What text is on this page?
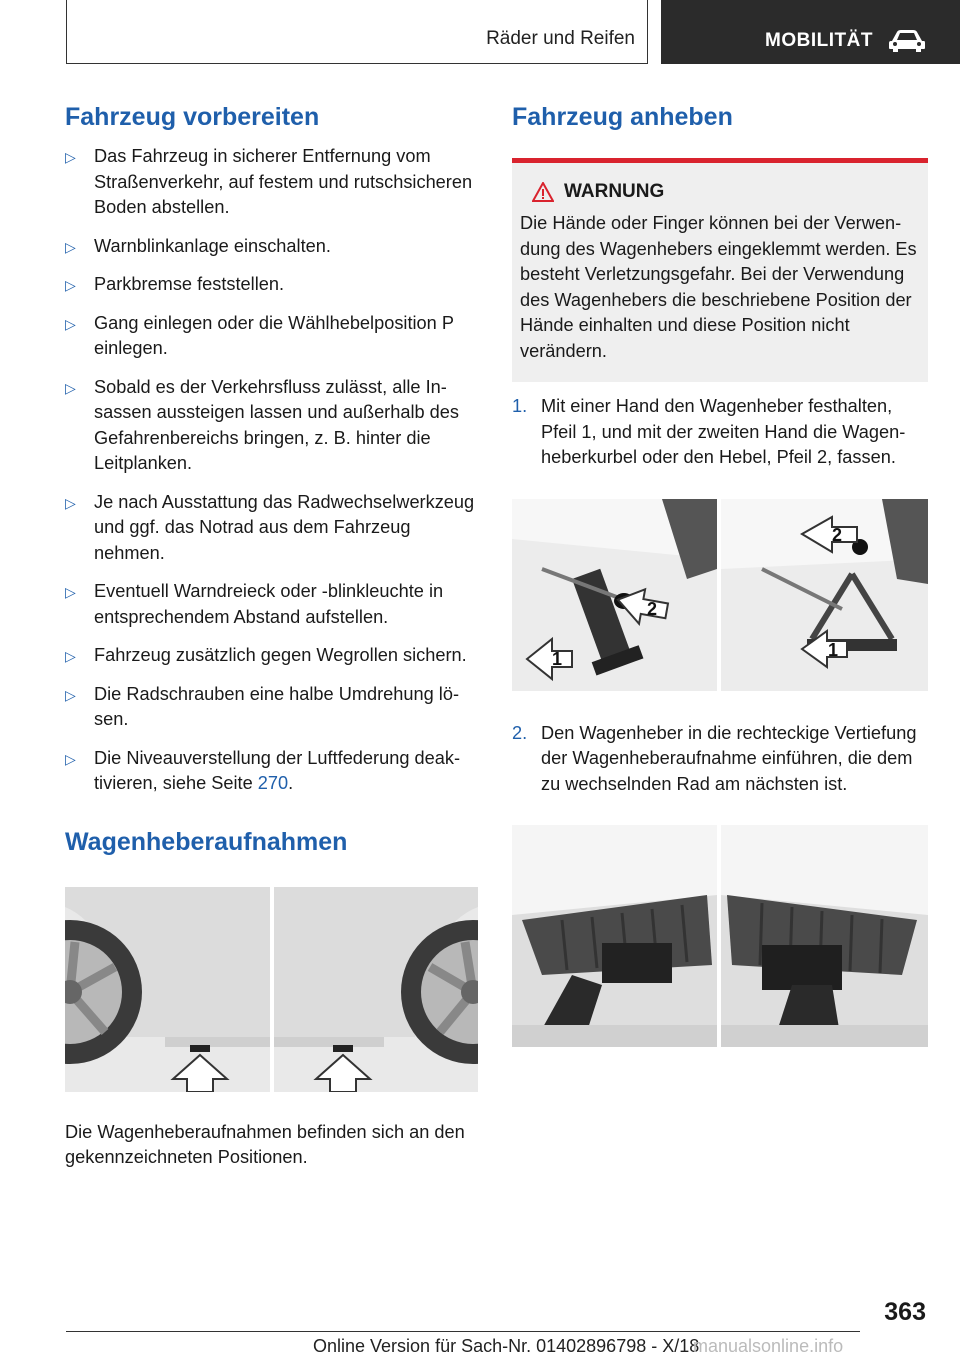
Räder und Reifen	MOBILITÄT
Fahrzeug vorbereiten
▷ Das Fahrzeug in sicherer Entfernung vom Straßenverkehr, auf festem und rutschsicheren Boden abstellen.
▷ Warnblinkanlage einschalten.
▷ Parkbremse feststellen.
▷ Gang einlegen oder die Wählhebelposition P einlegen.
▷ Sobald es der Verkehrsfluss zulässt, alle Insassen aussteigen lassen und außerhalb des Gefahrenbereichs bringen, z. B. hinter die Leitplanken.
▷ Je nach Ausstattung das Radwechselwerkzeug und ggf. das Notrad aus dem Fahrzeug nehmen.
▷ Eventuell Warndreieck oder -blinkleuchte in entsprechendem Abstand aufstellen.
▷ Fahrzeug zusätzlich gegen Wegrollen sichern.
▷ Die Radschrauben eine halbe Umdrehung lösen.
▷ Die Niveauverstellung der Luftfederung deaktivieren, siehe Seite 270.
Wagenheberaufnahmen
Die Wagenheberaufnahmen befinden sich an den gekennzeichneten Positionen.
Fahrzeug anheben
WARNUNG
Die Hände oder Finger können bei der Verwendung des Wagenhebers eingeklemmt werden. Es besteht Verletzungsgefahr. Bei der Verwendung des Wagenhebers die beschriebene Position der Hände einhalten und diese Position nicht verändern.
1. Mit einer Hand den Wagenheber festhalten, Pfeil 1, und mit der zweiten Hand die Wagenheberkurbel oder den Hebel, Pfeil 2, fassen.
1
2
2
1
2. Den Wagenheber in die rechteckige Vertiefung der Wagenheberaufnahme einführen, die dem zu wechselnden Rad am nächsten ist.
363
Online Version für Sach-Nr. 01402896798 - X/18
manualsonline.info
